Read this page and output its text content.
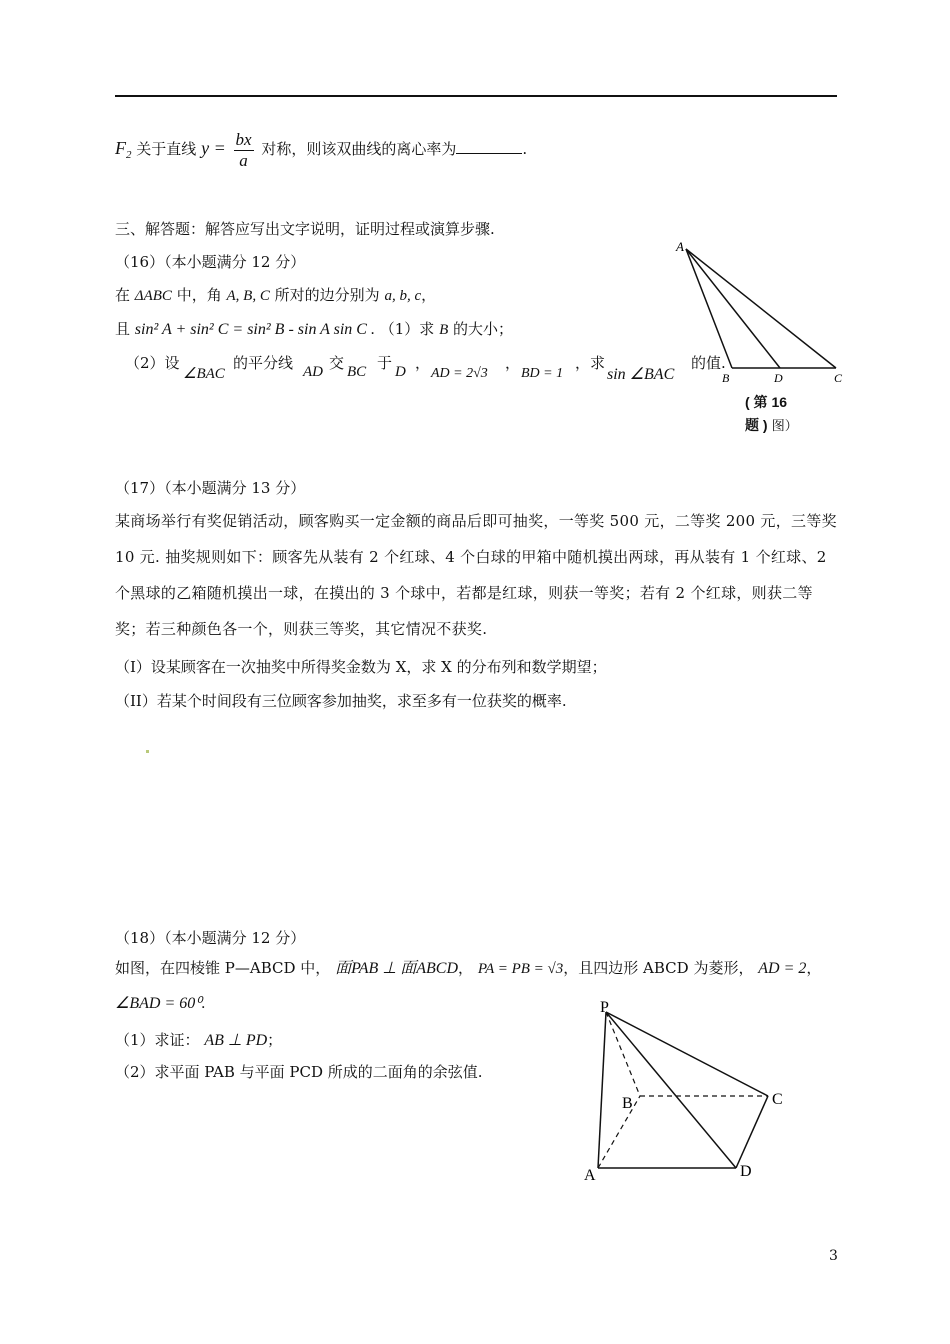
$F_2$ 关于直线 $y = \frac{bx}{a}$ 对称，则该双曲线的离心率为	.
三、解答题：解答应写出文字说明，证明过程或演算步骤.
（16）（本小题满分 12 分）
在 ΔABC 中，角 A, B, C 所对的边分别为 a, b, c，
且 sin² A + sin² C = sin² B - sin A sin C . （1）求 B 的大小；
（2）设
∠BAC
的平分线 AD 交 BC 于 D ，
AD = 2√3
，
BD = 1
，求
sin ∠BAC
的值.
A
B	D	C
( 第 16
题 ) 图）
（17）（本小题满分 13 分）
某商场举行有奖促销活动，顾客购买一定金额的商品后即可抽奖，一等奖 500 元，二等奖 200 元，三等奖 10 元. 抽奖规则如下：顾客先从装有 2 个红球、4 个白球的甲箱中随机摸出两球，再从装有 1 个红球、2 个黑球的乙箱随机摸出一球，在摸出的 3 个球中，若都是红球，则获一等奖；若有 2 个红球，则获二等奖；若三种颜色各一个，则获三等奖，其它情况不获奖.
（I）设某顾客在一次抽奖中所得奖金数为 X，求 X 的分布列和数学期望；
（II）若某个时间段有三位顾客参加抽奖，求至多有一位获奖的概率.
（18）（本小题满分 12 分）
如图，在四棱锥 P—ABCD 中， 面PAB ⊥ 面ABCD， PA = PB = √3，且四边形 ABCD 为菱形， AD = 2，
∠BAD = 60⁰.
（1）求证： AB ⊥ PD；
（2）求平面 PAB 与平面 PCD 所成的二面角的余弦值.
P
B	C
A	D
3
